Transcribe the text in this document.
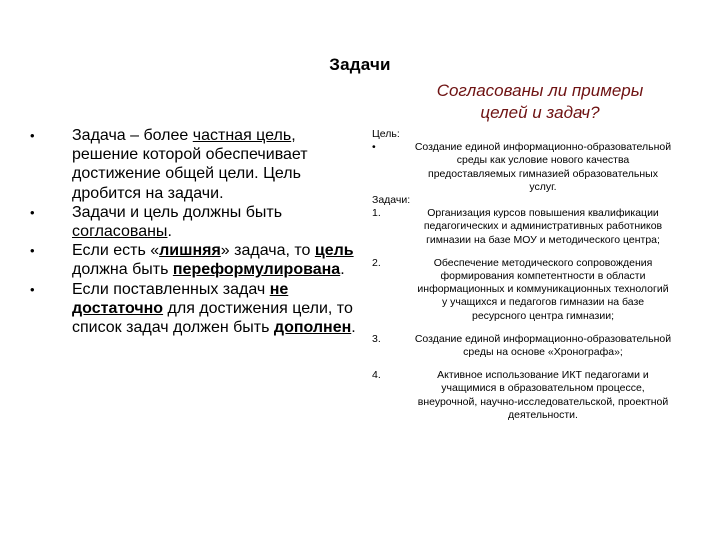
Задачи
Согласованы ли примеры
целей и задач?
•	Задача – более частная цель, решение которой обеспечивает достижение общей цели. Цель дробится на задачи.
•	Задачи и цель должны быть согласованы.
•	Если есть «лишняя» задача, то цель должна быть переформулирована.
•	Если поставленных задач не достаточно для достижения цели, то список задач должен быть дополнен.
Цель:
•	Создание единой информационно-образовательной среды как условие нового качества предоставляемых гимназией образовательных услуг.
Задачи:
1.	Организация курсов повышения квалификации педагогических и административных работников гимназии на базе МОУ и методического центра;
2.	Обеспечение методического сопровождения формирования компетентности в области информационных и коммуникационных технологий у учащихся и педагогов гимназии на базе ресурсного центра гимназии;
3.	Создание единой информационно-образовательной среды на основе «Хронографа»;
4.	Активное использование ИКТ педагогами и учащимися в образовательном процессе, внеурочной, научно-исследовательской, проектной деятельности.
